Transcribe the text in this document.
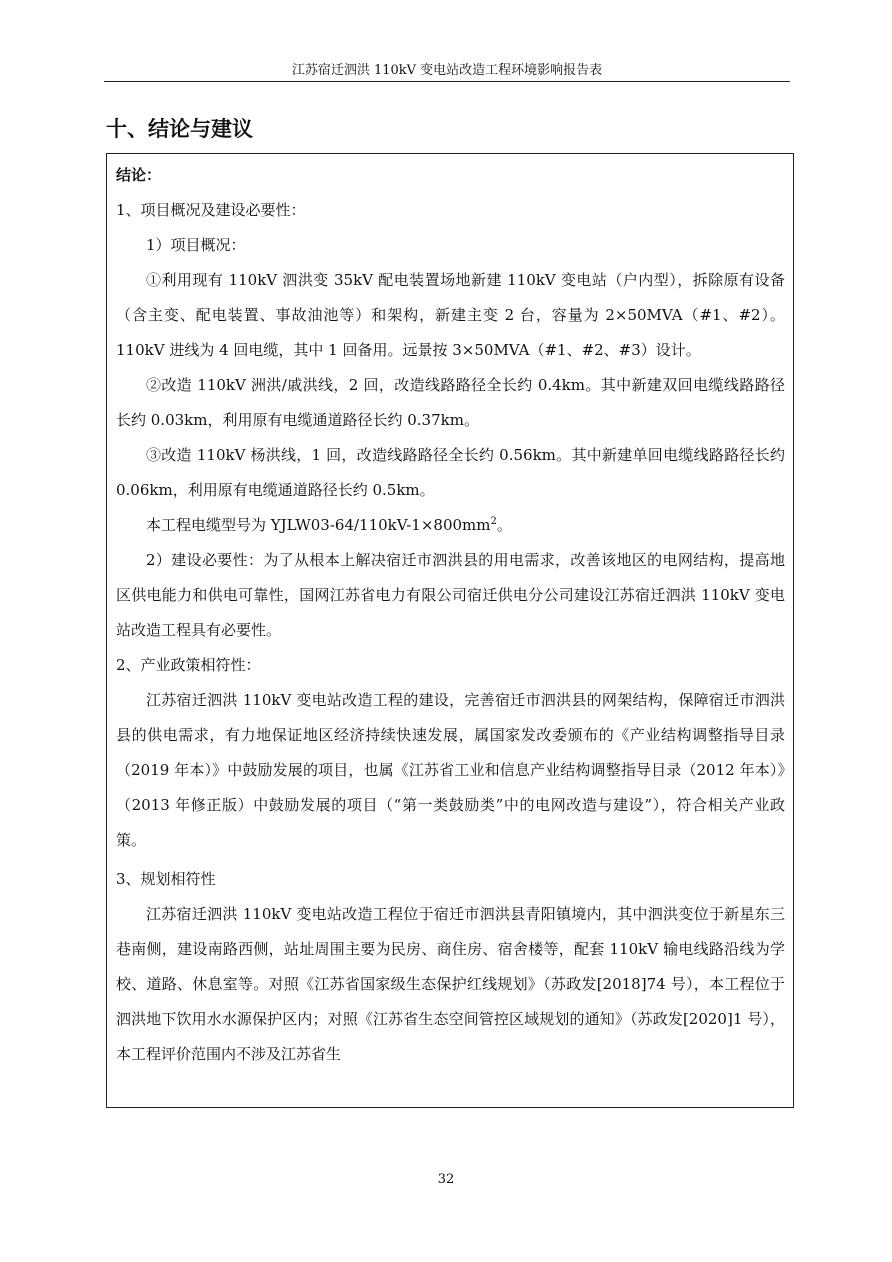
江苏宿迁泗洪 110kV 变电站改造工程环境影响报告表
十、结论与建议

结论：

1、项目概况及建设必要性：

1）项目概况：

①利用现有 110kV 泗洪变 35kV 配电装置场地新建 110kV 变电站（户内型），拆除原有设备（含主变、配电装置、事故油池等）和架构，新建主变 2 台，容量为 2×50MVA（#1、#2）。110kV 进线为 4 回电缆，其中 1 回备用。远景按 3×50MVA（#1、#2、#3）设计。

②改造 110kV 洲洪/戚洪线，2 回，改造线路路径全长约 0.4km。其中新建双回电缆线路路径长约 0.03km，利用原有电缆通道路径长约 0.37km。

③改造 110kV 杨洪线，1 回，改造线路路径全长约 0.56km。其中新建单回电缆线路路径长约 0.06km，利用原有电缆通道路径长约 0.5km。

本工程电缆型号为 $YJLW03-64/110kV-1\times 800mm^2$。

2）建设必要性：为了从根本上解决宿迁市泗洪县的用电需求，改善该地区的电网结构，提高地区供电能力和供电可靠性，国网江苏省电力有限公司宿迁供电分公司建设江苏宿迁泗洪 110kV 变电站改造工程具有必要性。

2、产业政策相符性：

江苏宿迁泗洪 110kV 变电站改造工程的建设，完善宿迁市泗洪县的网架结构，保障宿迁市泗洪县的供电需求，有力地保证地区经济持续快速发展，属国家发改委颁布的《产业结构调整指导目录（2019 年本）》中鼓励发展的项目，也属《江苏省工业和信息产业结构调整指导目录（2012 年本）》（2013 年修正版）中鼓励发展的项目（“第一类鼓励类”中的电网改造与建设”），符合相关产业政策。

3、规划相符性

江苏宿迁泗洪 110kV 变电站改造工程位于宿迁市泗洪县青阳镇境内，其中泗洪变位于新星东三巷南侧，建设南路西侧，站址周围主要为民房、商住房、宿舍楼等，配套 110kV 输电线路沿线为学校、道路、休息室等。对照《江苏省国家级生态保护红线规划》（苏政发[2018]74 号），本工程位于泗洪地下饮用水水源保护区内；对照《江苏省生态空间管控区域规划的通知》（苏政发[2020]1 号），本工程评价范围内不涉及江苏省生

32
